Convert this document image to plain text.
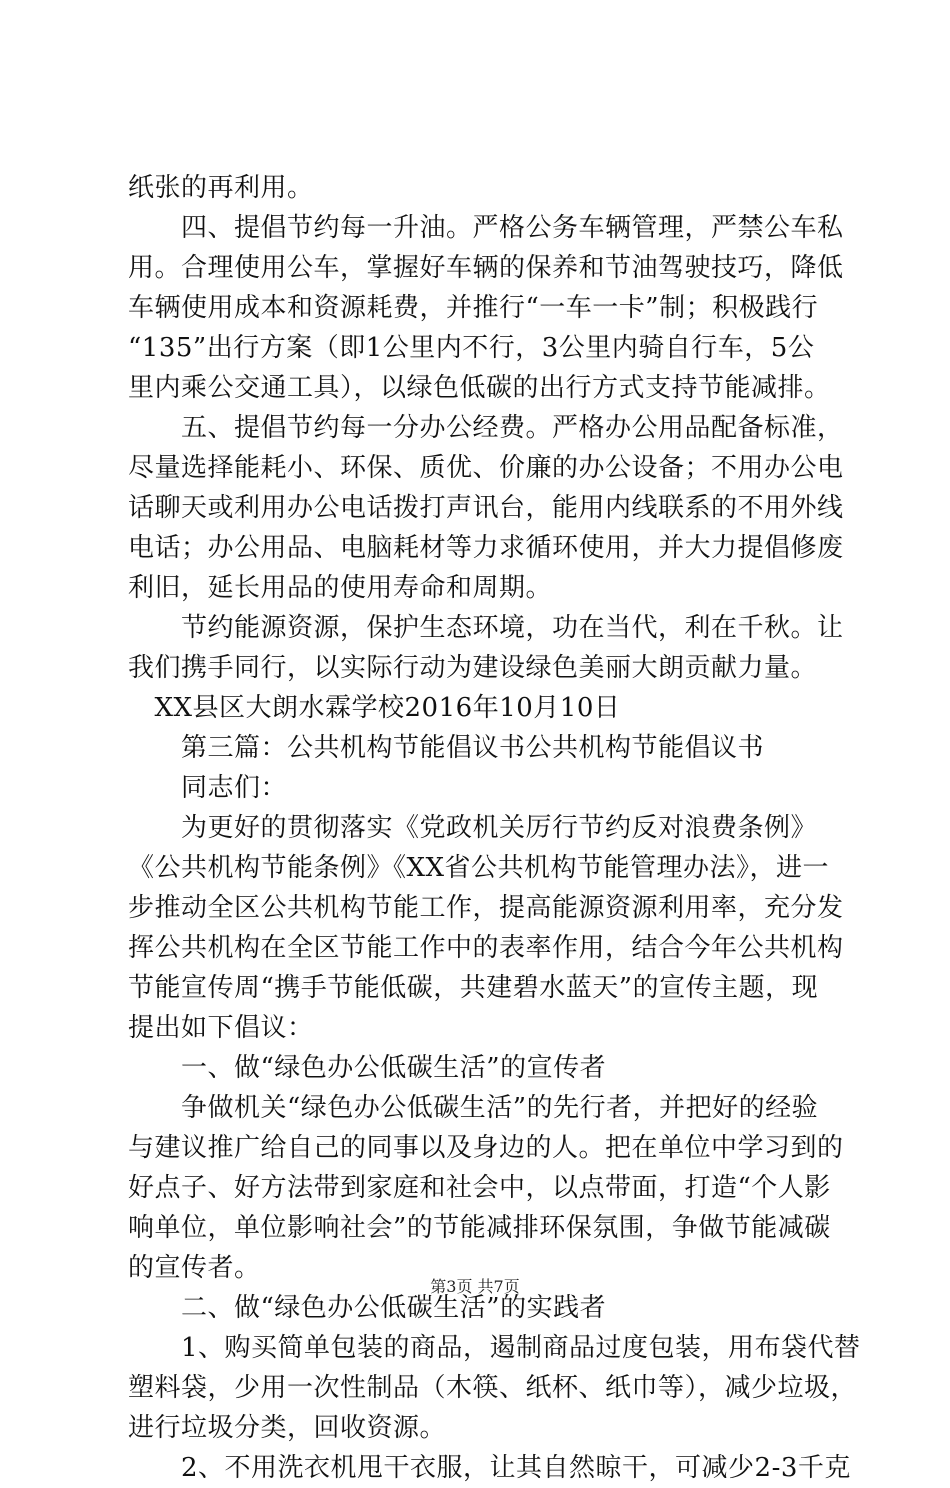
纸张的再利用。
　　四、提倡节约每一升油。严格公务车辆管理，严禁公车私
用。合理使用公车，掌握好车辆的保养和节油驾驶技巧，降低
车辆使用成本和资源耗费，并推行“一车一卡”制；积极践行
“135”出行方案（即1公里内不行，3公里内骑自行车，5公
里内乘公交通工具），以绿色低碳的出行方式支持节能减排。
　　五、提倡节约每一分办公经费。严格办公用品配备标准，
尽量选择能耗小、环保、质优、价廉的办公设备；不用办公电
话聊天或利用办公电话拨打声讯台，能用内线联系的不用外线
电话；办公用品、电脑耗材等力求循环使用，并大力提倡修废
利旧，延长用品的使用寿命和周期。
　　节约能源资源，保护生态环境，功在当代，利在千秋。让
我们携手同行，以实际行动为建设绿色美丽大朗贡献力量。
　XX县区大朗水霖学校2016年10月10日
　　第三篇：公共机构节能倡议书公共机构节能倡议书
　　同志们：
　　为更好的贯彻落实《党政机关厉行节约反对浪费条例》
《公共机构节能条例》《XX省公共机构节能管理办法》，进一
步推动全区公共机构节能工作，提高能源资源利用率，充分发
挥公共机构在全区节能工作中的表率作用，结合今年公共机构
节能宣传周“携手节能低碳，共建碧水蓝天”的宣传主题，现
提出如下倡议：
　　一、做“绿色办公低碳生活”的宣传者
　　争做机关“绿色办公低碳生活”的先行者，并把好的经验
与建议推广给自己的同事以及身边的人。把在单位中学习到的
好点子、好方法带到家庭和社会中，以点带面，打造“个人影
响单位，单位影响社会”的节能减排环保氛围，争做节能减碳
的宣传者。
　　二、做“绿色办公低碳生活”的实践者
　　1、购买简单包装的商品，遏制商品过度包装，用布袋代替
塑料袋，少用一次性制品（木筷、纸杯、纸巾等），减少垃圾，
进行垃圾分类，回收资源。
　　2、不用洗衣机甩干衣服，让其自然晾干，可减少2-3千克
第3页 共7页
